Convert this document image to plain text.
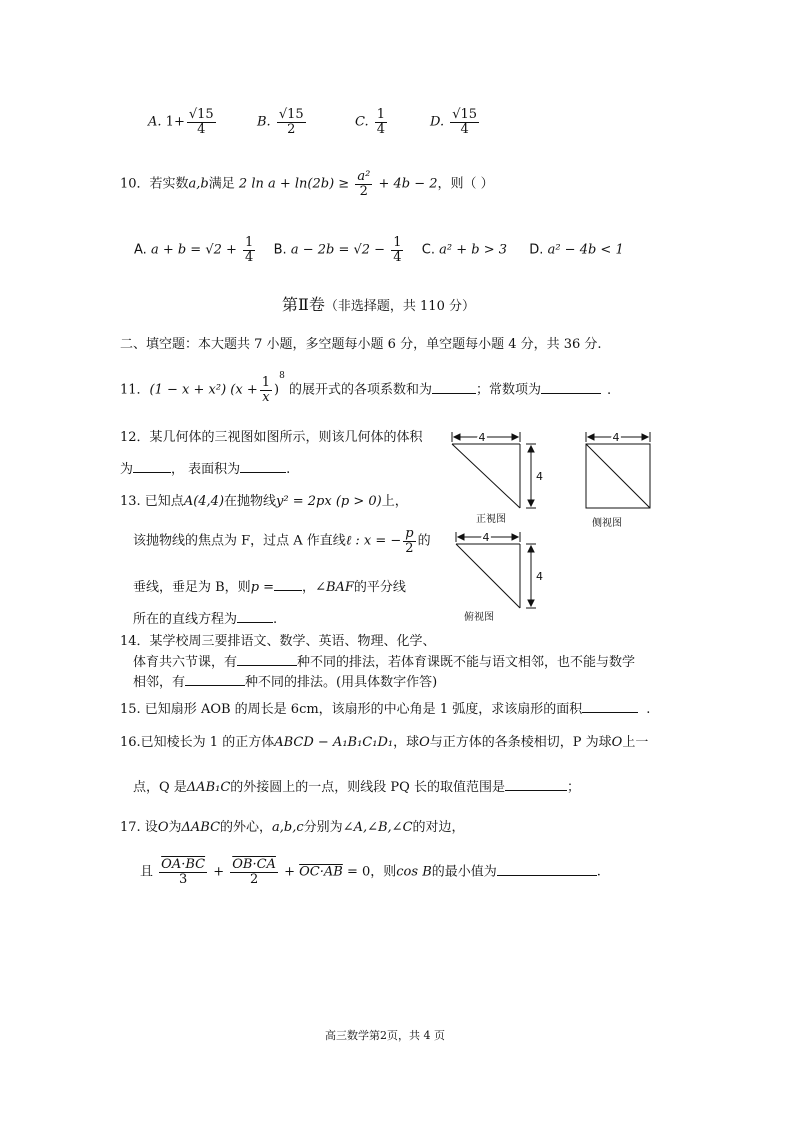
A. $1+ \frac{√15}{4}$	B. $\frac{√15}{2}$	C. $\frac{1}{4}$	D. $\frac{√15}{4}$
10．若实数a,b满足 2 $\ln a + \ln(2b) \ge \frac{\text{a²}}{2} + 4b - 2$，则（ ）
A. $a + b = √2 + \frac{1}{4} B$. $a - 2b = √2 - \frac{1}{4} C$. a² + b > 3 D. a² − 4b < 1
第Ⅱ卷（非选择题，共 110 分）
二、填空题：本大题共 7 小题，多空题每小题 6 分，单空题每小题 4 分，共 36 分.
11．(1 − x + x²) $(x + \frac{1}{x} )^8$ 的展开式的各项系数和为	；常数项为	.
12．某几何体的三视图如图所示，则该几何体的体积
为	， 表面积为	.
13. 已知点A(4,4)在抛物线y² = 2px (p > 0)上，
该抛物线的焦点为 F，过点 A 作直线ℓ : x = − $\frac{p}{2}$ 的
垂线，垂足为 B，则p = ，∠BAF的平分线
所在的直线方程为	.
4
4
4
4
4
正視图	侧视图
俯视图
14．某学校周三要排语文、数学、英语、物理、化学、
体育共六节课，有	种不同的排法，若体育课既不能与语文相邻，也不能与数学
相邻，有	种不同的排法。(用具体数字作答)
15. 已知扇形 AOB 的周长是 6cm，该扇形的中心角是 1 弧度，求该扇形的面积	.
16.已知棱长为 1 的正方体ABCD − A₁B₁C₁D₁，球O与正方体的各条棱相切，P 为球O上一
点，Q 是ΔAB₁C的外接圆上的一点，则线段 PQ 长的取值范围是	；
17. 设O为ΔABC的外心，a,b,c分别为∠A,∠B,∠C的对边，
且 $\frac{OA\cdot BC}{3} + \frac{OB\cdot CA}{2} + OC\cdot AB = 0$，则cos B的最小值为	.
高三数学第2页，共 4 页
